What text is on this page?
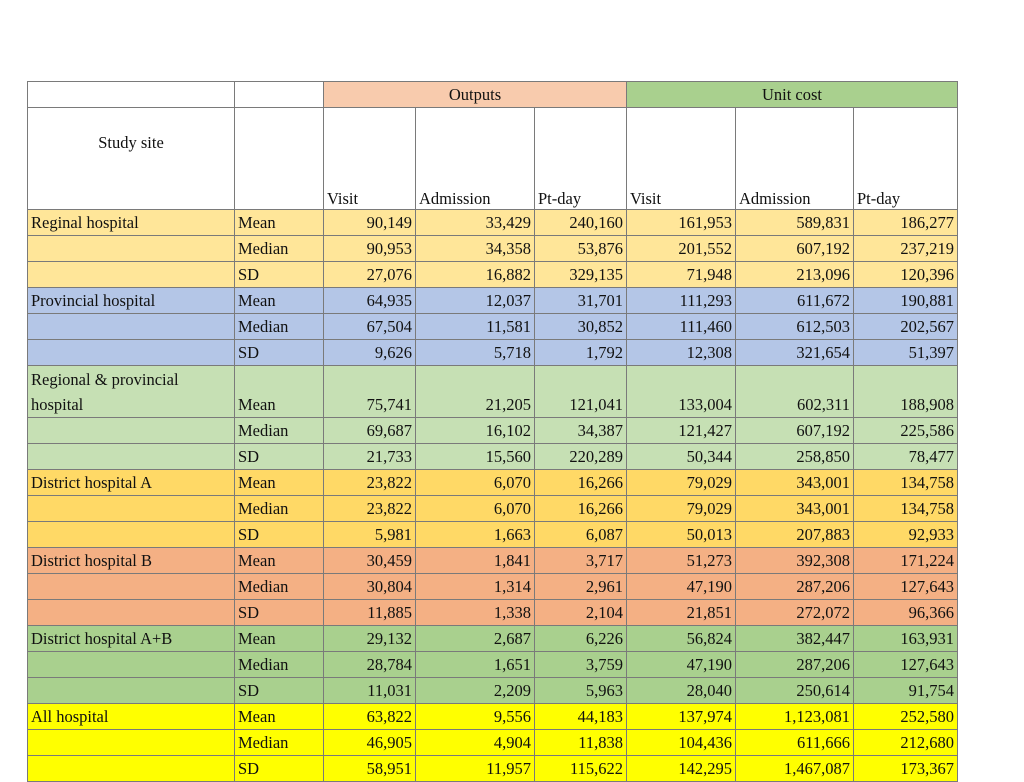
		Outputs			Unit cost		
Study site		Visit	Admission	Pt-day	Visit	Admission	Pt-day
Reginal hospital	Mean	90,149	33,429	240,160	161,953	589,831	186,277
	Median	90,953	34,358	53,876	201,552	607,192	237,219
	SD	27,076	16,882	329,135	71,948	213,096	120,396
Provincial hospital	Mean	64,935	12,037	31,701	111,293	611,672	190,881
	Median	67,504	11,581	30,852	111,460	612,503	202,567
	SD	9,626	5,718	1,792	12,308	321,654	51,397
Regional & provincial hospital	Mean	75,741	21,205	121,041	133,004	602,311	188,908
	Median	69,687	16,102	34,387	121,427	607,192	225,586
	SD	21,733	15,560	220,289	50,344	258,850	78,477
District hospital A	Mean	23,822	6,070	16,266	79,029	343,001	134,758
	Median	23,822	6,070	16,266	79,029	343,001	134,758
	SD	5,981	1,663	6,087	50,013	207,883	92,933
District hospital B	Mean	30,459	1,841	3,717	51,273	392,308	171,224
	Median	30,804	1,314	2,961	47,190	287,206	127,643
	SD	11,885	1,338	2,104	21,851	272,072	96,366
District hospital A+B	Mean	29,132	2,687	6,226	56,824	382,447	163,931
	Median	28,784	1,651	3,759	47,190	287,206	127,643
	SD	11,031	2,209	5,963	28,040	250,614	91,754
All hospital	Mean	63,822	9,556	44,183	137,974	1,123,081	252,580
	Median	46,905	4,904	11,838	104,436	611,666	212,680
	SD	58,951	11,957	115,622	142,295	1,467,087	173,367
